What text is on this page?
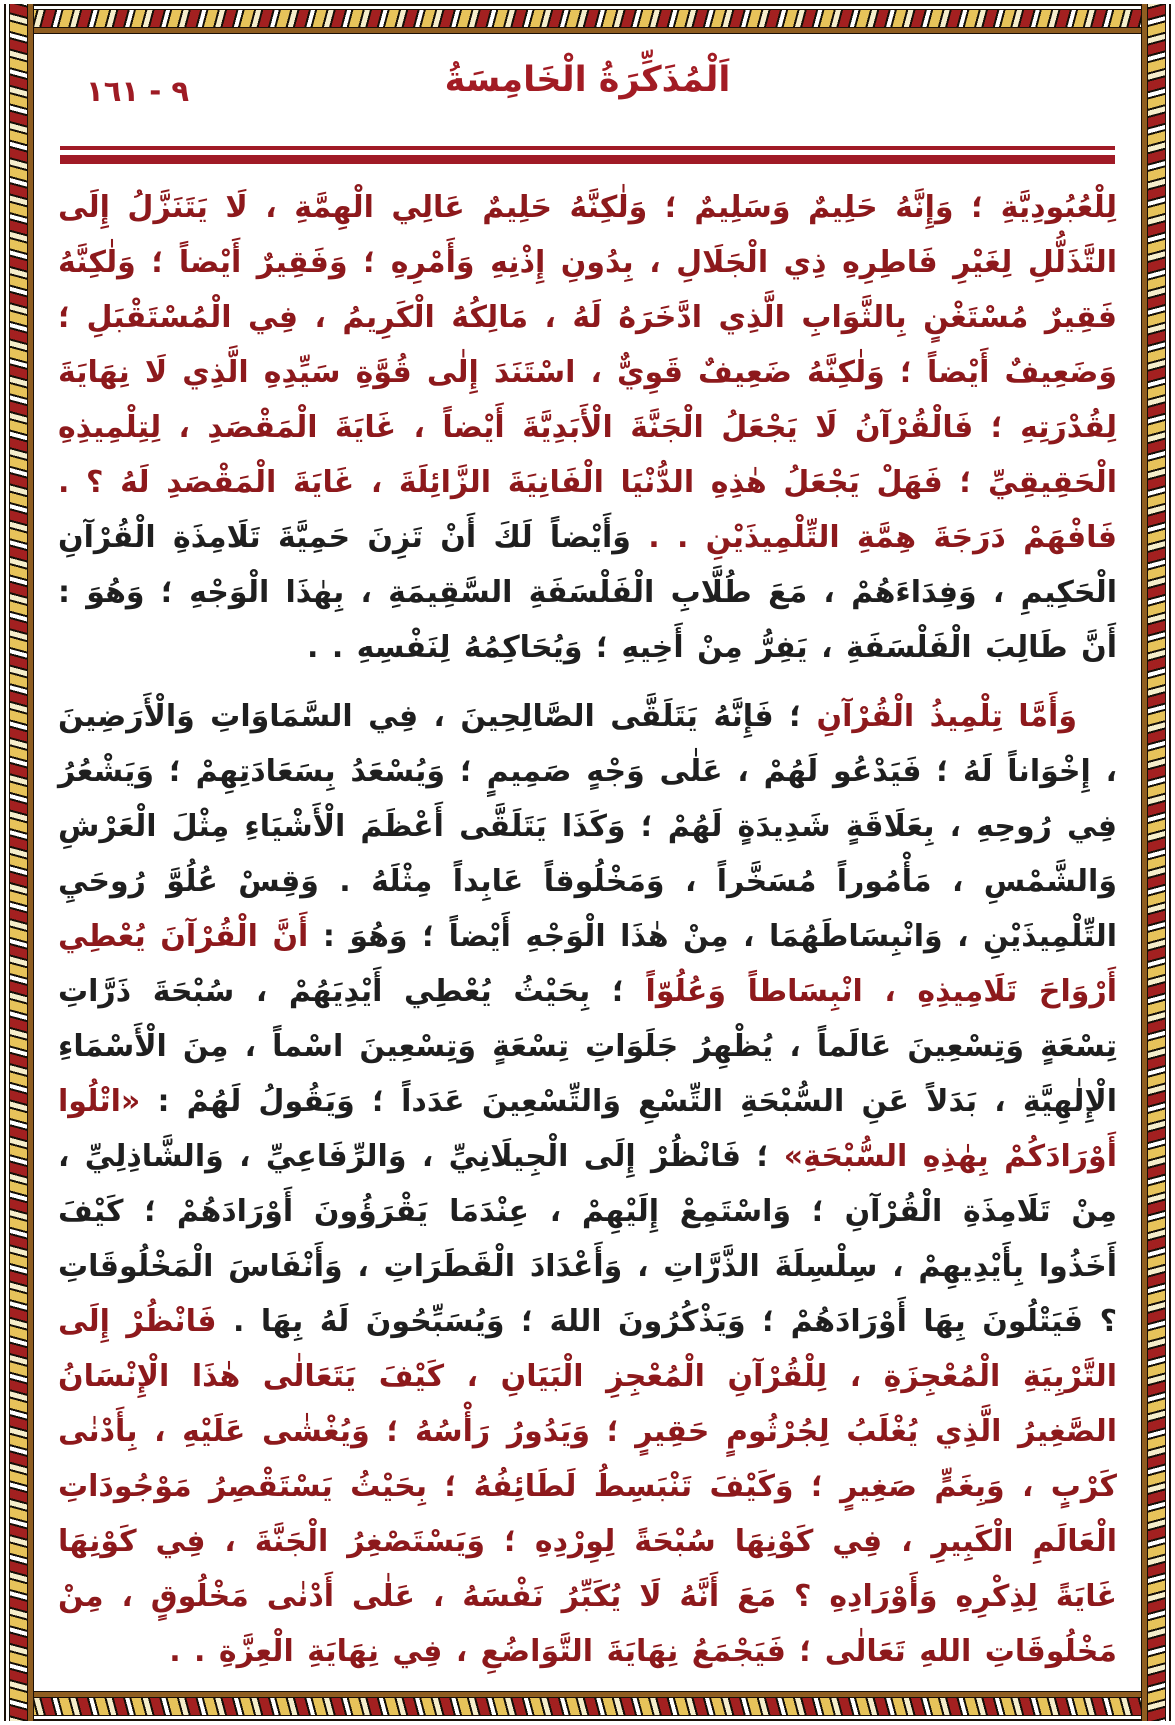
٩ - ١٦١	اَلْمُذَكِّرَةُ الْخَامِسَةُ

لِلْعُبُودِيَّةِ ؛ وَإِنَّهُ حَلِيمٌ وَسَلِيمٌ ؛ وَلٰكِنَّهُ حَلِيمٌ عَالِي الْهِمَّةِ ، لَا يَتَنَزَّلُ إِلَى التَّذَلُّلِ لِغَيْرِ فَاطِرِهِ ذِي الْجَلَالِ ، بِدُونِ إِذْنِهِ وَأَمْرِهِ ؛ وَفَقِيرٌ أَيْضاً ؛ وَلٰكِنَّهُ فَقِيرٌ مُسْتَغْنٍ بِالثَّوَابِ الَّذِي ادَّخَرَهُ لَهُ ، مَالِكُهُ الْكَرِيمُ ، فِي الْمُسْتَقْبَلِ ؛ وَضَعِيفٌ أَيْضاً ؛ وَلٰكِنَّهُ ضَعِيفٌ قَوِيٌّ ، اسْتَنَدَ إِلٰى قُوَّةِ سَيِّدِهِ الَّذِي لَا نِهَايَةَ لِقُدْرَتِهِ ؛ فَالْقُرْآنُ لَا يَجْعَلُ الْجَنَّةَ الْأَبَدِيَّةَ أَيْضاً ، غَايَةَ الْمَقْصَدِ ، لِتِلْمِيذِهِ الْحَقِيقِيِّ ؛ فَهَلْ يَجْعَلُ هٰذِهِ الدُّنْيَا الْفَانِيَةَ الزَّائِلَةَ ، غَايَةَ الْمَقْصَدِ لَهُ ؟ . فَافْهَمْ دَرَجَةَ هِمَّةِ التِّلْمِيذَيْنِ . . وَأَيْضاً لَكَ أَنْ تَزِنَ حَمِيَّةَ تَلَامِذَةِ الْقُرْآنِ الْحَكِيمِ ، وَفِدَاءَهُمْ ، مَعَ طُلَّابِ الْفَلْسَفَةِ السَّقِيمَةِ ، بِهٰذَا الْوَجْهِ ؛ وَهُوَ : أَنَّ طَالِبَ الْفَلْسَفَةِ ، يَفِرُّ مِنْ أَخِيهِ ؛ وَيُحَاكِمُهُ لِنَفْسِهِ . .

وَأَمَّا تِلْمِيذُ الْقُرْآنِ ؛ فَإِنَّهُ يَتَلَقَّى الصَّالِحِينَ ، فِي السَّمَاوَاتِ وَالْأَرَضِينَ ، إِخْوَاناً لَهُ ؛ فَيَدْعُو لَهُمْ ، عَلٰى وَجْهٍ صَمِيمٍ ؛ وَيُسْعَدُ بِسَعَادَتِهِمْ ؛ وَيَشْعُرُ فِي رُوحِهِ ، بِعَلَاقَةٍ شَدِيدَةٍ لَهُمْ ؛ وَكَذَا يَتَلَقَّى أَعْظَمَ الْأَشْيَاءِ مِثْلَ الْعَرْشِ وَالشَّمْسِ ، مَأْمُوراً مُسَخَّراً ، وَمَخْلُوقاً عَابِداً مِثْلَهُ . وَقِسْ عُلُوَّ رُوحَيِ التِّلْمِيذَيْنِ ، وَانْبِسَاطَهُمَا ، مِنْ هٰذَا الْوَجْهِ أَيْضاً ؛ وَهُوَ : أَنَّ الْقُرْآنَ يُعْطِي أَرْوَاحَ تَلَامِيذِهِ ، انْبِسَاطاً وَعُلُوّاً ؛ بِحَيْثُ يُعْطِي أَيْدِيَهُمْ ، سُبْحَةَ ذَرَّاتِ تِسْعَةٍ وَتِسْعِينَ عَالَماً ، يُظْهِرُ جَلَوَاتِ تِسْعَةٍ وَتِسْعِينَ اسْماً ، مِنَ الْأَسْمَاءِ الْإِلٰهِيَّةِ ، بَدَلاً عَنِ السُّبْحَةِ التِّسْعِ وَالتِّسْعِينَ عَدَداً ؛ وَيَقُولُ لَهُمْ : «اتْلُوا أَوْرَادَكُمْ بِهٰذِهِ السُّبْحَةِ» ؛ فَانْظُرْ إِلَى الْجِيلَانِيِّ ، وَالرِّفَاعِيِّ ، وَالشَّاذِلِيِّ ، مِنْ تَلَامِذَةِ الْقُرْآنِ ؛ وَاسْتَمِعْ إِلَيْهِمْ ، عِنْدَمَا يَقْرَؤُونَ أَوْرَادَهُمْ ؛ كَيْفَ أَخَذُوا بِأَيْدِيهِمْ ، سِلْسِلَةَ الذَّرَّاتِ ، وَأَعْدَادَ الْقَطَرَاتِ ، وَأَنْفَاسَ الْمَخْلُوقَاتِ ؟ فَيَتْلُونَ بِهَا أَوْرَادَهُمْ ؛ وَيَذْكُرُونَ اللهَ ؛ وَيُسَبِّحُونَ لَهُ بِهَا . فَانْظُرْ إِلَى التَّرْبِيَةِ الْمُعْجِزَةِ ، لِلْقُرْآنِ الْمُعْجِزِ الْبَيَانِ ، كَيْفَ يَتَعَالٰى هٰذَا الْإِنْسَانُ الصَّغِيرُ الَّذِي يُغْلَبُ لِجُرْثُومٍ حَقِيرٍ ؛ وَيَدُورُ رَأْسُهُ ؛ وَيُغْشٰى عَلَيْهِ ، بِأَدْنٰى كَرْبٍ ، وَبِغَمٍّ صَغِيرٍ ؛ وَكَيْفَ تَنْبَسِطُ لَطَائِفُهُ ؛ بِحَيْثُ يَسْتَقْصِرُ مَوْجُودَاتِ الْعَالَمِ الْكَبِيرِ ، فِي كَوْنِهَا سُبْحَةً لِوِرْدِهِ ؛ وَيَسْتَصْغِرُ الْجَنَّةَ ، فِي كَوْنِهَا غَايَةً لِذِكْرِهِ وَأَوْرَادِهِ ؟ مَعَ أَنَّهُ لَا يُكَبِّرُ نَفْسَهُ ، عَلٰى أَدْنٰى مَخْلُوقٍ ، مِنْ مَخْلُوقَاتِ اللهِ تَعَالٰى ؛ فَيَجْمَعُ نِهَايَةَ التَّوَاضُعِ ، فِي نِهَايَةِ الْعِزَّةِ . .
